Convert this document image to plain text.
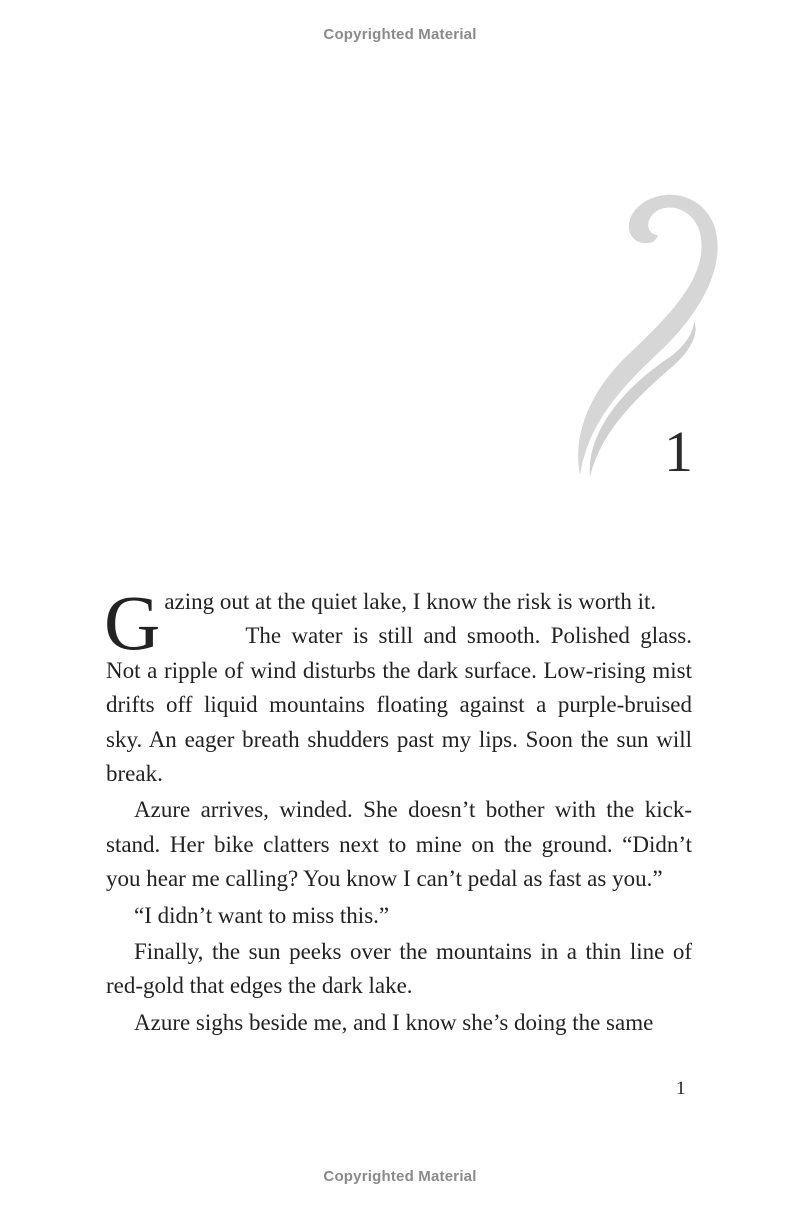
Copyrighted Material
1

Gazing out at the quiet lake, I know the risk is worth it.

The water is still and smooth. Polished glass. Not a ripple of wind disturbs the dark surface. Low-rising mist drifts off liquid mountains floating against a purple-bruised sky. An eager breath shudders past my lips. Soon the sun will break.

Azure arrives, winded. She doesn’t bother with the kick-stand. Her bike clatters next to mine on the ground. “Didn’t you hear me calling? You know I can’t pedal as fast as you.”

“I didn’t want to miss this.”

Finally, the sun peeks over the mountains in a thin line of red-gold that edges the dark lake.

Azure sighs beside me, and I know she’s doing the same

1
Copyrighted Material
